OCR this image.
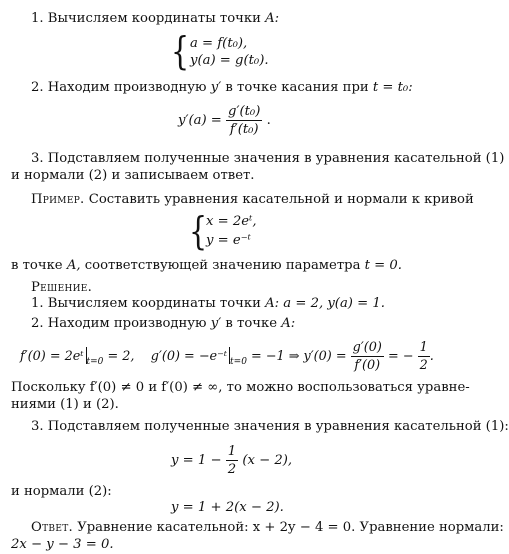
1. Вычисляем координаты точки A:
{ a = f(t₀),
y(a) = g(t₀).
2. Находим производную y′ в точке касания при t = t₀:
$y'(a) = \frac{\text{g′(t₀)}}{\text{f′(t₀)}}$ .
3. Подставляем полученные значения в уравнения касательной (1)
и нормали (2) и записываем ответ.
Пример. Составить уравнения касательной и нормали к кривой
{
x = 2eᵗ,
y = e⁻ᵗ
в точке A, соответствующей значению параметра t = 0.
Решение.
1. Вычисляем координаты точки A: a = 2, y(a) = 1.
2. Находим производную y′ в точке A:
f′(0) = 2eᵗ $_{t=0}$ = 2, g′(0) = −e⁻ᵗ $_{t=0}$ = −1 ⇒ $y'(0) = \frac{g'(0)}{f'(0)}$ = − $\frac{1}{2}$ .
Поскольку f′(0) ≠ 0 и f′(0) ≠ ∞, то можно воспользоваться уравне-
ниями (1) и (2).
3. Подставляем полученные значения в уравнения касательной (1):
$y = 1 - \frac{1}{2} (x - 2)$,
и нормали (2):
y = 1 + 2(x − 2).
Ответ. Уравнение касательной: x + 2y − 4 = 0. Уравнение нормали:
2x − y − 3 = 0.
